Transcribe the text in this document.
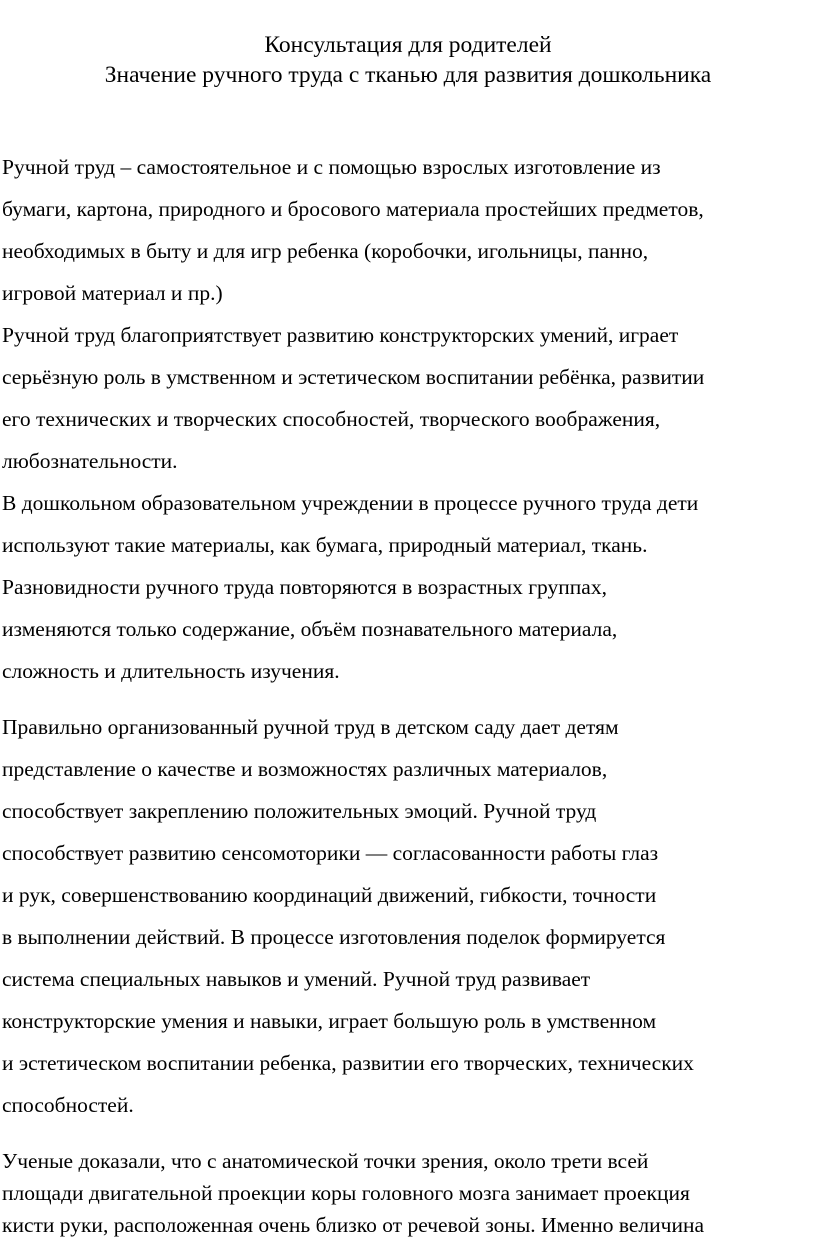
Консультация для родителей
Значение ручного труда с тканью для развития дошкольника
Ручной труд – самостоятельное и с помощью взрослых изготовление из
бумаги, картона, природного и бросового материала простейших предметов,
необходимых в быту и для игр ребенка (коробочки, игольницы, панно,
игровой материал и пр.)
Ручной труд благоприятствует развитию конструкторских умений, играет
серьёзную роль в умственном и эстетическом воспитании ребёнка, развитии
его технических и творческих способностей, творческого воображения,
любознательности.
В дошкольном образовательном учреждении в процессе ручного труда дети
используют такие материалы, как бумага, природный материал, ткань.
Разновидности ручного труда повторяются в возрастных группах,
изменяются только содержание, объём познавательного материала,
сложность и длительность изучения.
Правильно организованный ручной труд в детском саду дает детям
представление о качестве и возможностях различных материалов,
способствует закреплению положительных эмоций. Ручной труд
способствует развитию сенсомоторики — согласованности работы глаз
и рук, совершенствованию координаций движений, гибкости, точности
в выполнении действий. В процессе изготовления поделок формируется
система специальных навыков и умений. Ручной труд развивает
конструкторские умения и навыки, играет большую роль в умственном
и эстетическом воспитании ребенка, развитии его творческих, технических
способностей.
Ученые доказали, что с анатомической точки зрения, около трети всей
площади двигательной проекции коры головного мозга занимает проекция
кисти руки, расположенная очень близко от речевой зоны. Именно величина
